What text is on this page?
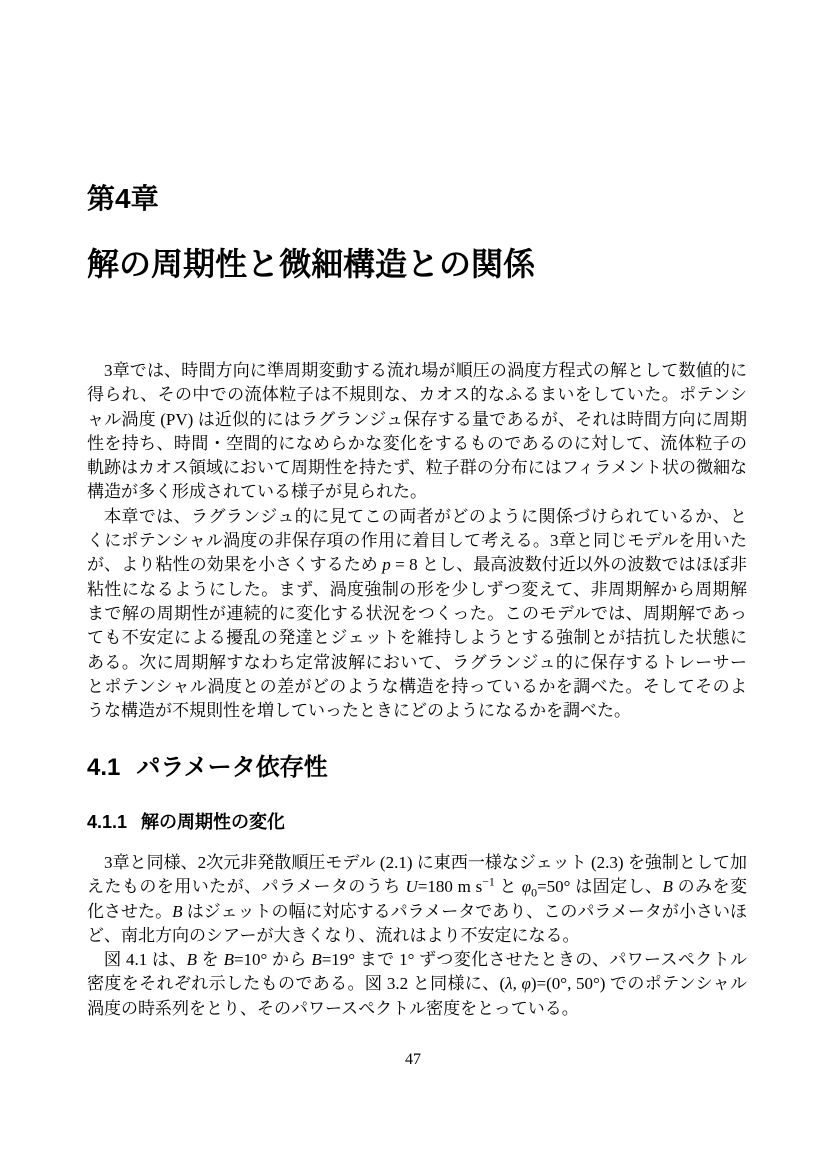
第4章
解の周期性と微細構造との関係

3章では、時間方向に準周期変動する流れ場が順圧の渦度方程式の解として数値的に得られ、その中での流体粒子は不規則な、カオス的なふるまいをしていた。ポテンシャル渦度 (PV) は近似的にはラグランジュ保存する量であるが、それは時間方向に周期性を持ち、時間・空間的になめらかな変化をするものであるのに対して、流体粒子の軌跡はカオス領域において周期性を持たず、粒子群の分布にはフィラメント状の微細な構造が多く形成されている様子が見られた。

本章では、ラグランジュ的に見てこの両者がどのように関係づけられているか、とくにポテンシャル渦度の非保存項の作用に着目して考える。3章と同じモデルを用いたが、より粘性の効果を小さくするため p = 8 とし、最高波数付近以外の波数ではほぼ非粘性になるようにした。まず、渦度強制の形を少しずつ変えて、非周期解から周期解まで解の周期性が連続的に変化する状況をつくった。このモデルでは、周期解であっても不安定による擾乱の発達とジェットを維持しようとする強制とが拮抗した状態にある。次に周期解すなわち定常波解において、ラグランジュ的に保存するトレーサーとポテンシャル渦度との差がどのような構造を持っているかを調べた。そしてそのような構造が不規則性を増していったときにどのようになるかを調べた。

4.1 パラメータ依存性
4.1.1 解の周期性の変化

3章と同様、2次元非発散順圧モデル (2.1) に東西一様なジェット (2.3) を強制として加えたものを用いたが、パラメータのうち U=180 m $s^{-1}$ と $\varphi_0=50^\circ$ は固定し、B のみを変化させた。B はジェットの幅に対応するパラメータであり、このパラメータが小さいほど、南北方向のシアーが大きくなり、流れはより不安定になる。

図 4.1 は、B を B=10° から B=19° まで 1° ずつ変化させたときの、パワースペクトル密度をそれぞれ示したものである。図 3.2 と同様に、(λ, φ)=(0°, 50°) でのポテンシャル渦度の時系列をとり、そのパワースペクトル密度をとっている。

47
